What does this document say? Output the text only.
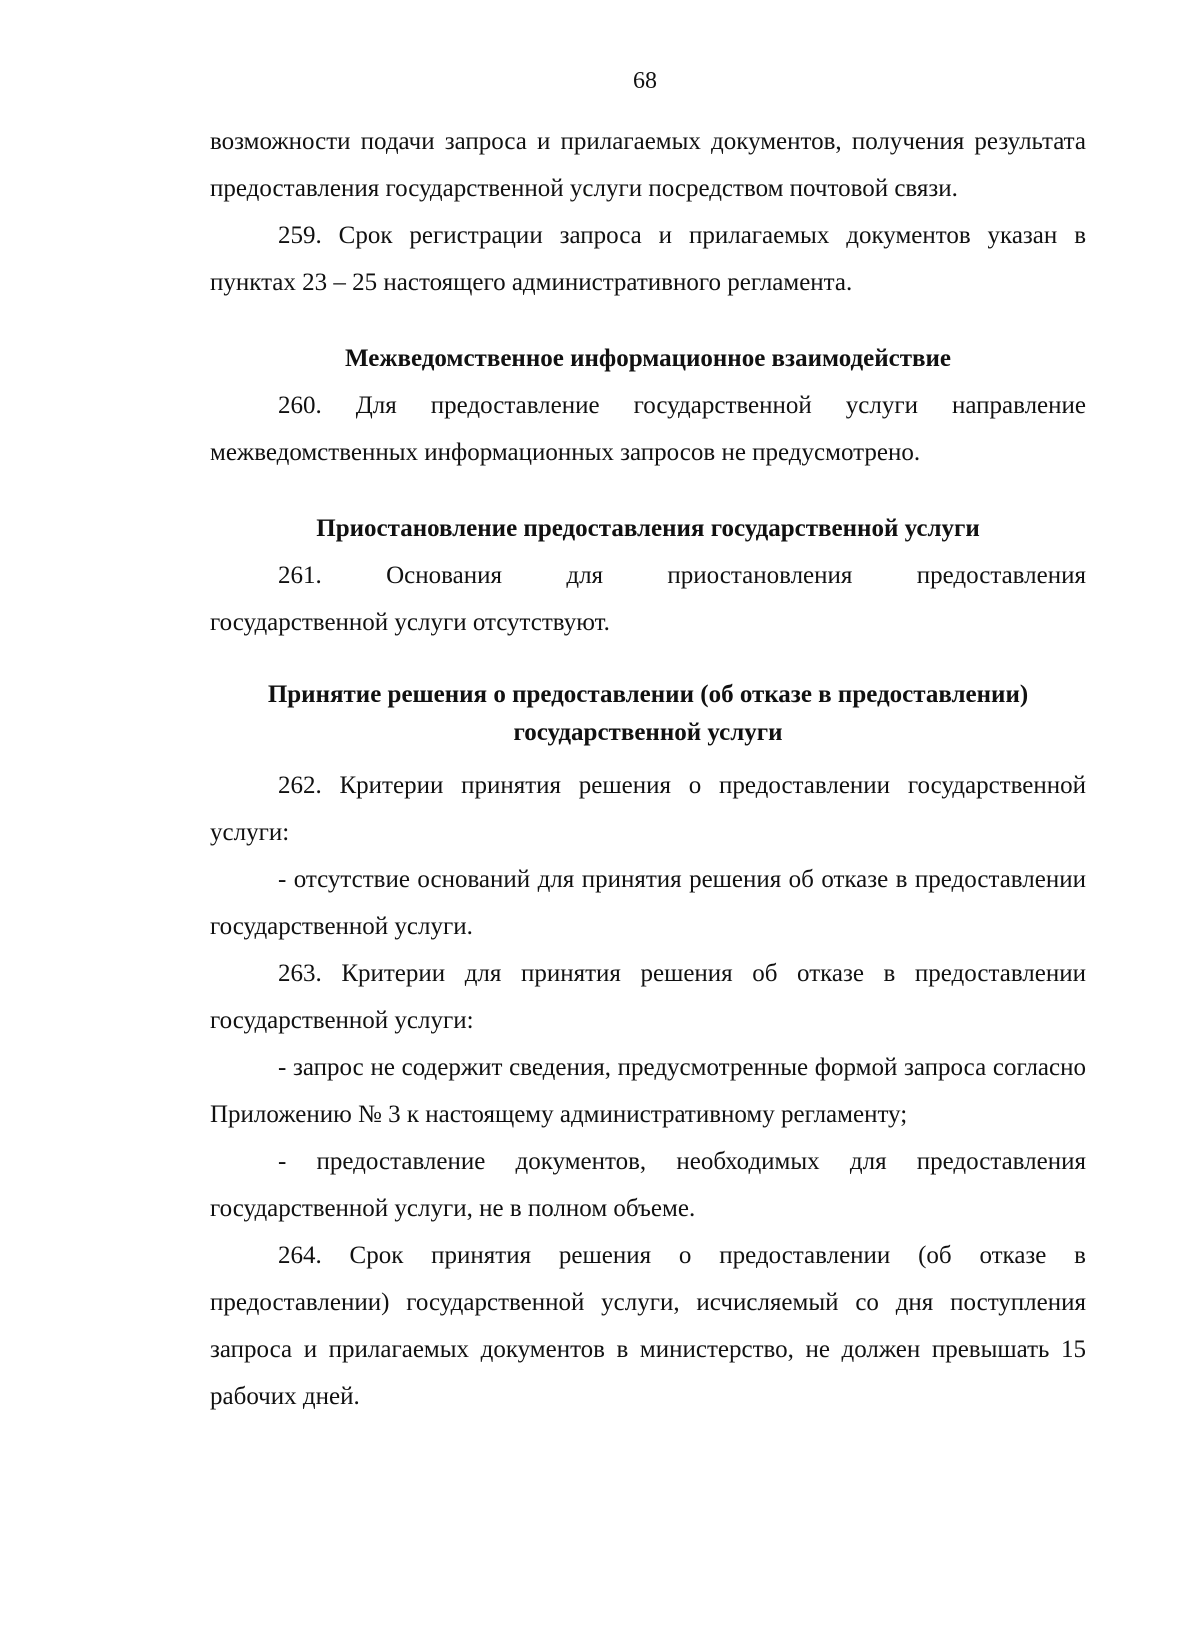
68

возможности подачи запроса и прилагаемых документов, получения результата предоставления государственной услуги посредством почтовой связи.

259. Срок регистрации запроса и прилагаемых документов указан в пунктах 23 – 25 настоящего административного регламента.

Межведомственное информационное взаимодействие

260. Для предоставление государственной услуги направление межведомственных информационных запросов не предусмотрено.

Приостановление предоставления государственной услуги

261. Основания для приостановления предоставления

государственной услуги отсутствуют.

Принятие решения о предоставлении (об отказе в предоставлении) государственной услуги

262. Критерии принятия решения о предоставлении государственной услуги:

- отсутствие оснований для принятия решения об отказе в предоставлении государственной услуги.

263. Критерии для принятия решения об отказе в предоставлении государственной услуги:

- запрос не содержит сведения, предусмотренные формой запроса согласно Приложению № 3 к настоящему административному регламенту;

- предоставление документов, необходимых для предоставления государственной услуги, не в полном объеме.

264. Срок принятия решения о предоставлении (об отказе в предоставлении) государственной услуги, исчисляемый со дня поступления запроса и прилагаемых документов в министерство, не должен превышать 15 рабочих дней.
